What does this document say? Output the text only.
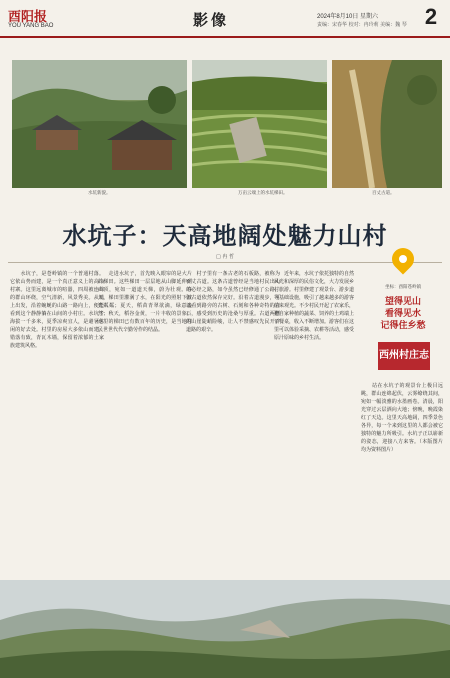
酉阳报
YOU YANG BAO	影像	2024年8月10日 星期六
责编：宋春华 校对：冉玲莉 美编：魏 琴 2
水坑新貌。	万亩云端上的水坑梯田。	百丈古道。
水坑子：天高地阔处魅力山村
□ 冉 哲
　　水坑子，是苍岭镇的一个普通村落。它依山势而建，是一个真正意义上的高山村寨。这里远离城市的喧嚣，四周被连绵的群山环绕，空气清新，风景秀美。从镇上出发，沿着蜿蜒的山路一路向上，便能看到这个静静躺在山间的小村庄。水坑子海拔一千多米，夏季凉爽宜人，是避暑休闲的好去处。村里的房屋大多依山而建，错落有致，青瓦木墙，保留着浓郁的土家族建筑风格。
　　走进水坑子，首先映入眼帘的是大片的梯田。这些梯田一层层地从山脚延伸到山顶，宛如一道道天梯，蔚为壮观。春天，梯田里灌满了水，在阳光的照射下波光粼粼；夏天，稻苗青翠欲滴，绿意盎然；秋天，稻谷金黄，一片丰收的景象。这里的梯田已有数百年的历史，是当地村民世世代代辛勤劳作的结晶。
　　村子里有一条古老的石板路，被称为百丈古道。这条古道曾经是当地村民出山的必经之路，如今虽然已经修通了公路，但古道依然保存完好。沿着古道漫步，可以看到路旁的古树、石刻和各种奇特的岩石，感受到历史的沧桑与厚重。古道两侧的山崖陡峭险峻，让人不禁感叹先民开辟道路的艰辛。
　　近年来，水坑子依托独特的自然风光和深厚的民俗文化，大力发展乡村旅游。村里修建了观景台、游步道等基础设施，吸引了越来越多的游客前来观光。不少村民开起了农家乐，把自家种植的蔬菜、饲养的土鸡端上了餐桌，收入不断增加。游客们在这里可以体验采摘、农耕等活动，感受原汁原味的乡村生活。
坐标：酉阳苍岭镇
望得见山
看得见水
记得住乡愁
西州村庄志
　　站在水坑子的观景台上极目远眺，群山连绵起伏，云雾缭绕其间，宛如一幅淡雅的水墨画卷。清晨，阳光穿过云层洒向大地；傍晚，晚霞染红了天边。这里天高地阔，四季景色各异，每一个来到这里的人都会被它独特的魅力所吸引。水坑子正以崭新的姿态，迎接八方来客。（本版图片均为资料图片）
